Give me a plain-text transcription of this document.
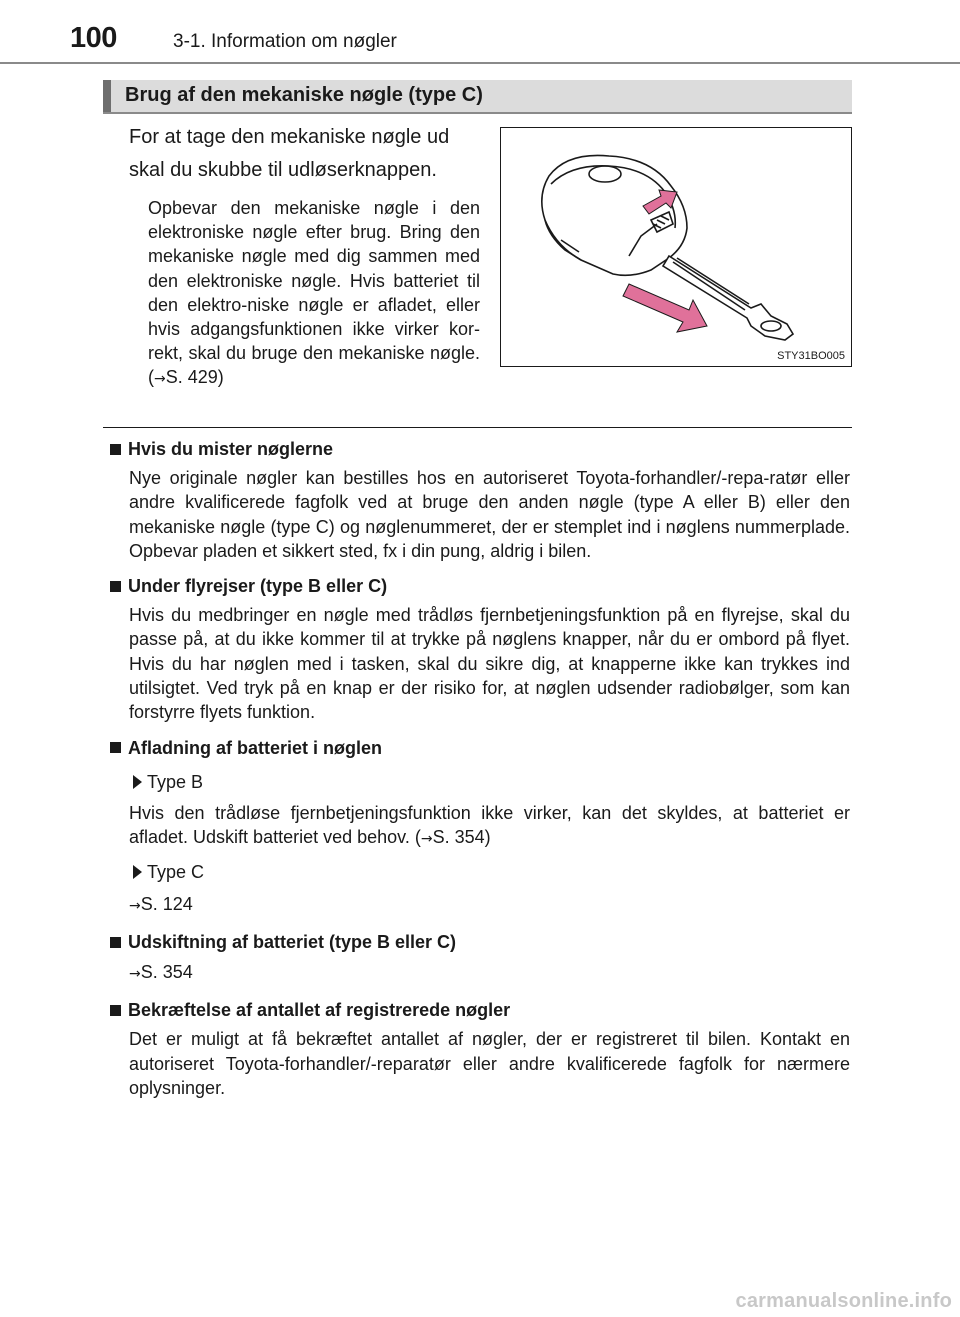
100	3-1. Information om nøgler
Brug af den mekaniske nøgle (type C)
For at tage den mekaniske nøgle ud skal du skubbe til udløserknappen.
Opbevar den mekaniske nøgle i den elektroniske nøgle efter brug. Bring den mekaniske nøgle med dig sammen med den elektroniske nøgle. Hvis batteriet til den elektro-niske nøgle er afladet, eller hvis adgangsfunktionen ikke virker kor-rekt, skal du bruge den mekaniske nøgle. (→S. 429)
STY31BO005
Hvis du mister nøglerne
Nye originale nøgler kan bestilles hos en autoriseret Toyota-forhandler/-repa-ratør eller andre kvalificerede fagfolk ved at bruge den anden nøgle (type A eller B) eller den mekaniske nøgle (type C) og nøglenummeret, der er stemplet ind i nøglens nummerplade. Opbevar pladen et sikkert sted, fx i din pung, aldrig i bilen.
Under flyrejser (type B eller C)
Hvis du medbringer en nøgle med trådløs fjernbetjeningsfunktion på en flyrejse, skal du passe på, at du ikke kommer til at trykke på nøglens knapper, når du er ombord på flyet. Hvis du har nøglen med i tasken, skal du sikre dig, at knapperne ikke kan trykkes ind utilsigtet. Ved tryk på en knap er der risiko for, at nøglen udsender radiobølger, som kan forstyrre flyets funktion.
Afladning af batteriet i nøglen
Type B
Hvis den trådløse fjernbetjeningsfunktion ikke virker, kan det skyldes, at batteriet er afladet. Udskift batteriet ved behov. (→S. 354)
Type C
→S. 124
Udskiftning af batteriet (type B eller C)
→S. 354
Bekræftelse af antallet af registrerede nøgler
Det er muligt at få bekræftet antallet af nøgler, der er registreret til bilen. Kontakt en autoriseret Toyota-forhandler/-reparatør eller andre kvalificerede fagfolk for nærmere oplysninger.
carmanualsonline.info
